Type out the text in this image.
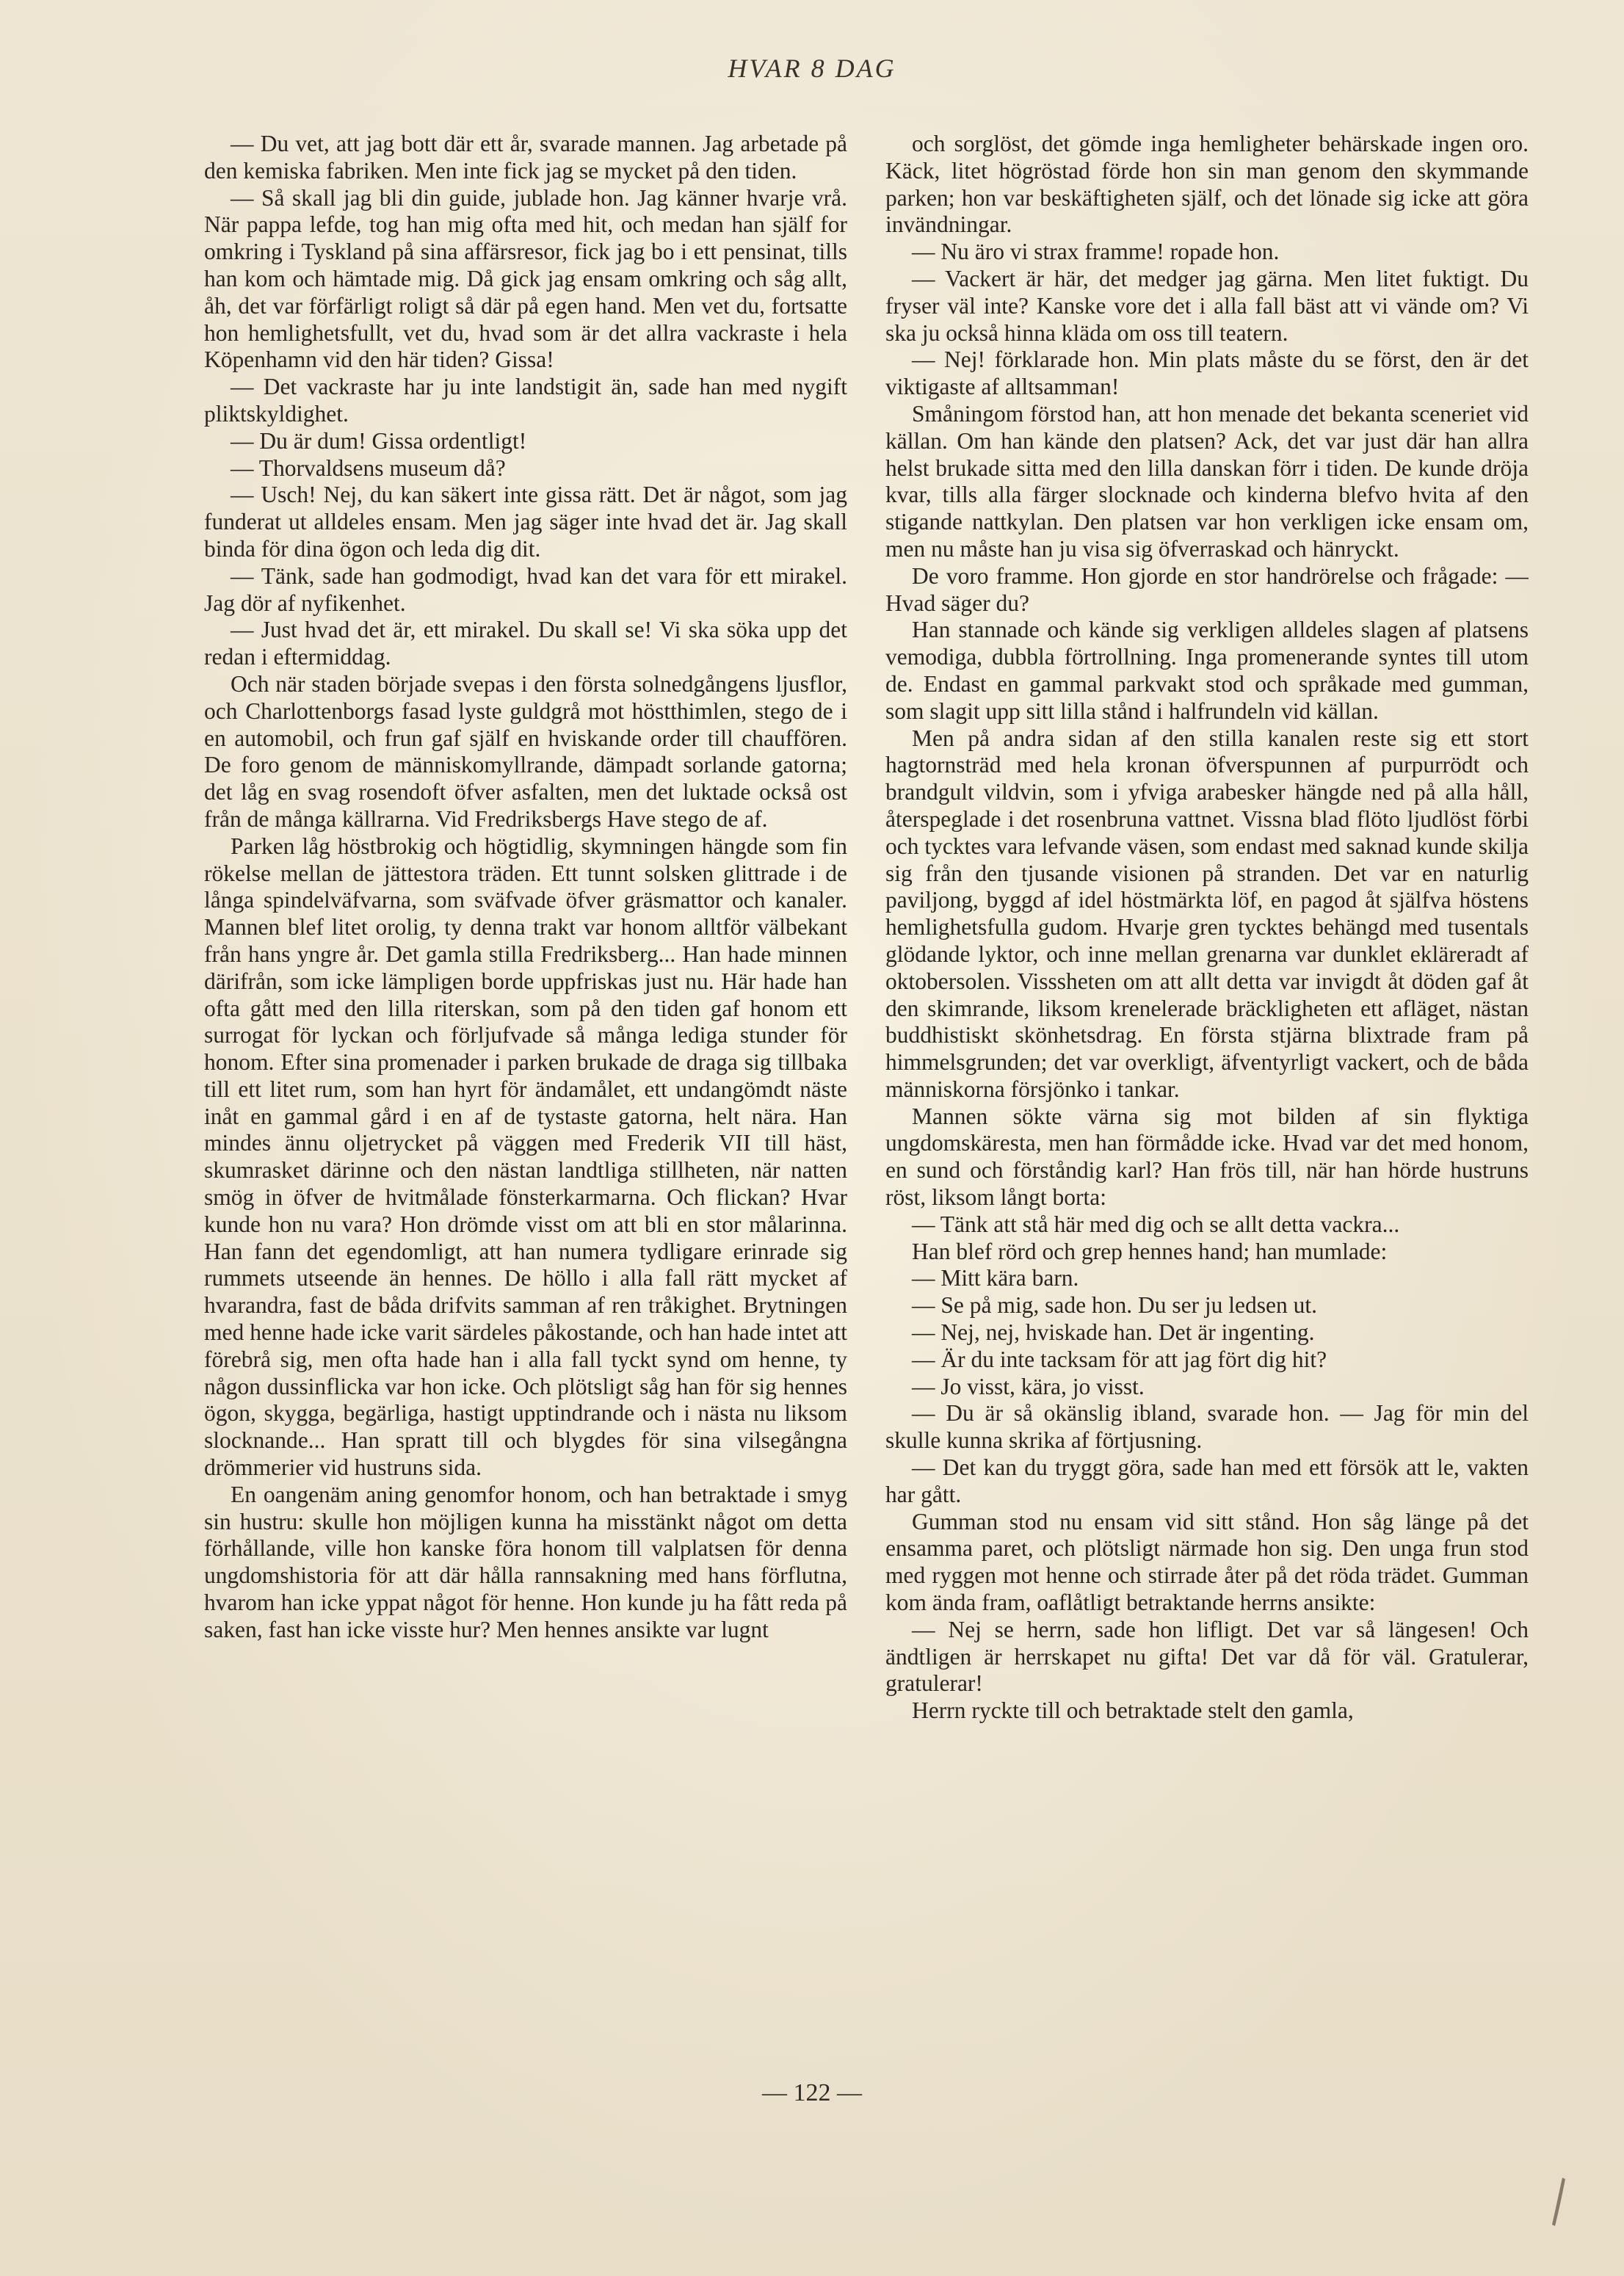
HVAR 8 DAG

— Du vet, att jag bott där ett år, svarade mannen. Jag arbetade på den kemiska fabriken. Men inte fick jag se mycket på den tiden.

— Så skall jag bli din guide, jublade hon. Jag känner hvarje vrå. När pappa lefde, tog han mig ofta med hit, och medan han själf for omkring i Tyskland på sina affärsresor, fick jag bo i ett pensinat, tills han kom och hämtade mig. Då gick jag ensam omkring och såg allt, åh, det var förfärligt roligt så där på egen hand. Men vet du, fortsatte hon hemlighetsfullt, vet du, hvad som är det allra vackraste i hela Köpenhamn vid den här tiden? Gissa!

— Det vackraste har ju inte landstigit än, sade han med nygift pliktskyldighet.

— Du är dum! Gissa ordentligt!

— Thorvaldsens museum då?

— Usch! Nej, du kan säkert inte gissa rätt. Det är något, som jag funderat ut alldeles ensam. Men jag säger inte hvad det är. Jag skall binda för dina ögon och leda dig dit.

— Tänk, sade han godmodigt, hvad kan det vara för ett mirakel. Jag dör af nyfikenhet.

— Just hvad det är, ett mirakel. Du skall se! Vi ska söka upp det redan i eftermiddag.

Och när staden började svepas i den första solnedgångens ljusflor, och Charlottenborgs fasad lyste guldgrå mot höstthimlen, stego de i en automobil, och frun gaf själf en hviskande order till chauffören. De foro genom de människomyllrande, dämpadt sorlande gatorna; det låg en svag rosendoft öfver asfalten, men det luktade också ost från de många källrarna. Vid Fredriksbergs Have stego de af.

Parken låg höstbrokig och högtidlig, skymningen hängde som fin rökelse mellan de jättestora träden. Ett tunnt solsken glittrade i de långa spindelväfvarna, som sväfvade öfver gräsmattor och kanaler. Mannen blef litet orolig, ty denna trakt var honom alltför välbekant från hans yngre år. Det gamla stilla Fredriksberg... Han hade minnen därifrån, som icke lämpligen borde uppfriskas just nu. Här hade han ofta gått med den lilla riterskan, som på den tiden gaf honom ett surrogat för lyckan och förljufvade så många lediga stunder för honom. Efter sina promenader i parken brukade de draga sig tillbaka till ett litet rum, som han hyrt för ändamålet, ett undangömdt näste inåt en gammal gård i en af de tystaste gatorna, helt nära. Han mindes ännu oljetrycket på väggen med Frederik VII till häst, skumrasket därinne och den nästan landtliga stillheten, när natten smög in öfver de hvitmålade fönsterkarmarna. Och flickan? Hvar kunde hon nu vara? Hon drömde visst om att bli en stor målarinna. Han fann det egendomligt, att han numera tydligare erinrade sig rummets utseende än hennes. De höllo i alla fall rätt mycket af hvarandra, fast de båda drifvits samman af ren tråkighet. Brytningen med henne hade icke varit särdeles påkostande, och han hade intet att förebrå sig, men ofta hade han i alla fall tyckt synd om henne, ty någon dussinflicka var hon icke. Och plötsligt såg han för sig hennes ögon, skygga, begärliga, hastigt upptindrande och i nästa nu liksom slocknande... Han spratt till och blygdes för sina vilsegångna drömmerier vid hustruns sida.

En oangenäm aning genomfor honom, och han betraktade i smyg sin hustru: skulle hon möjligen kunna ha misstänkt något om detta förhållande, ville hon kanske föra honom till valplatsen för denna ungdomshistoria för att där hålla rannsakning med hans förflutna, hvarom han icke yppat något för henne. Hon kunde ju ha fått reda på saken, fast han icke visste hur? Men hennes ansikte var lugnt

och sorglöst, det gömde inga hemligheter behärskade ingen oro. Käck, litet högröstad förde hon sin man genom den skymmande parken; hon var beskäftigheten själf, och det lönade sig icke att göra invändningar.

— Nu äro vi strax framme! ropade hon.

— Vackert är här, det medger jag gärna. Men litet fuktigt. Du fryser väl inte? Kanske vore det i alla fall bäst att vi vände om? Vi ska ju också hinna kläda om oss till teatern.

— Nej! förklarade hon. Min plats måste du se först, den är det viktigaste af alltsamman!

Småningom förstod han, att hon menade det bekanta sceneriet vid källan. Om han kände den platsen? Ack, det var just där han allra helst brukade sitta med den lilla danskan förr i tiden. De kunde dröja kvar, tills alla färger slocknade och kinderna blefvo hvita af den stigande nattkylan. Den platsen var hon verkligen icke ensam om, men nu måste han ju visa sig öfverraskad och hänryckt.

De voro framme. Hon gjorde en stor handrörelse och frågade: — Hvad säger du?

Han stannade och kände sig verkligen alldeles slagen af platsens vemodiga, dubbla förtrollning. Inga promenerande syntes till utom de. Endast en gammal parkvakt stod och språkade med gumman, som slagit upp sitt lilla stånd i halfrundeln vid källan.

Men på andra sidan af den stilla kanalen reste sig ett stort hagtornsträd med hela kronan öfverspunnen af purpurrödt och brandgult vildvin, som i yfviga arabesker hängde ned på alla håll, återspeglade i det rosenbruna vattnet. Vissna blad flöto ljudlöst förbi och tycktes vara lefvande väsen, som endast med saknad kunde skilja sig från den tjusande visionen på stranden. Det var en naturlig paviljong, byggd af idel höstmärkta löf, en pagod åt själfva höstens hemlighetsfulla gudom. Hvarje gren tycktes behängd med tusentals glödande lyktor, och inne mellan grenarna var dunklet ekläreradt af oktobersolen. Visssheten om att allt detta var invigdt åt döden gaf åt den skimrande, liksom krenelerade bräckligheten ett afläget, nästan buddhistiskt skönhetsdrag. En första stjärna blixtrade fram på himmelsgrunden; det var overkligt, äfventyrligt vackert, och de båda människorna försjönko i tankar.

Mannen sökte värna sig mot bilden af sin flyktiga ungdomskäresta, men han förmådde icke. Hvad var det med honom, en sund och förståndig karl? Han frös till, när han hörde hustruns röst, liksom långt borta:

— Tänk att stå här med dig och se allt detta vackra...

Han blef rörd och grep hennes hand; han mumlade:

— Mitt kära barn.

— Se på mig, sade hon. Du ser ju ledsen ut.

— Nej, nej, hviskade han. Det är ingenting.

— Är du inte tacksam för att jag fört dig hit?

— Jo visst, kära, jo visst.

— Du är så okänslig ibland, svarade hon. — Jag för min del skulle kunna skrika af förtjusning.

— Det kan du tryggt göra, sade han med ett försök att le, vakten har gått.

Gumman stod nu ensam vid sitt stånd. Hon såg länge på det ensamma paret, och plötsligt närmade hon sig. Den unga frun stod med ryggen mot henne och stirrade åter på det röda trädet. Gumman kom ända fram, oaflåtligt betraktande herrns ansikte:

— Nej se herrn, sade hon lifligt. Det var så längesen! Och ändtligen är herrskapet nu gifta! Det var då för väl. Gratulerar, gratulerar!

Herrn ryckte till och betraktade stelt den gamla,

— 122 —
